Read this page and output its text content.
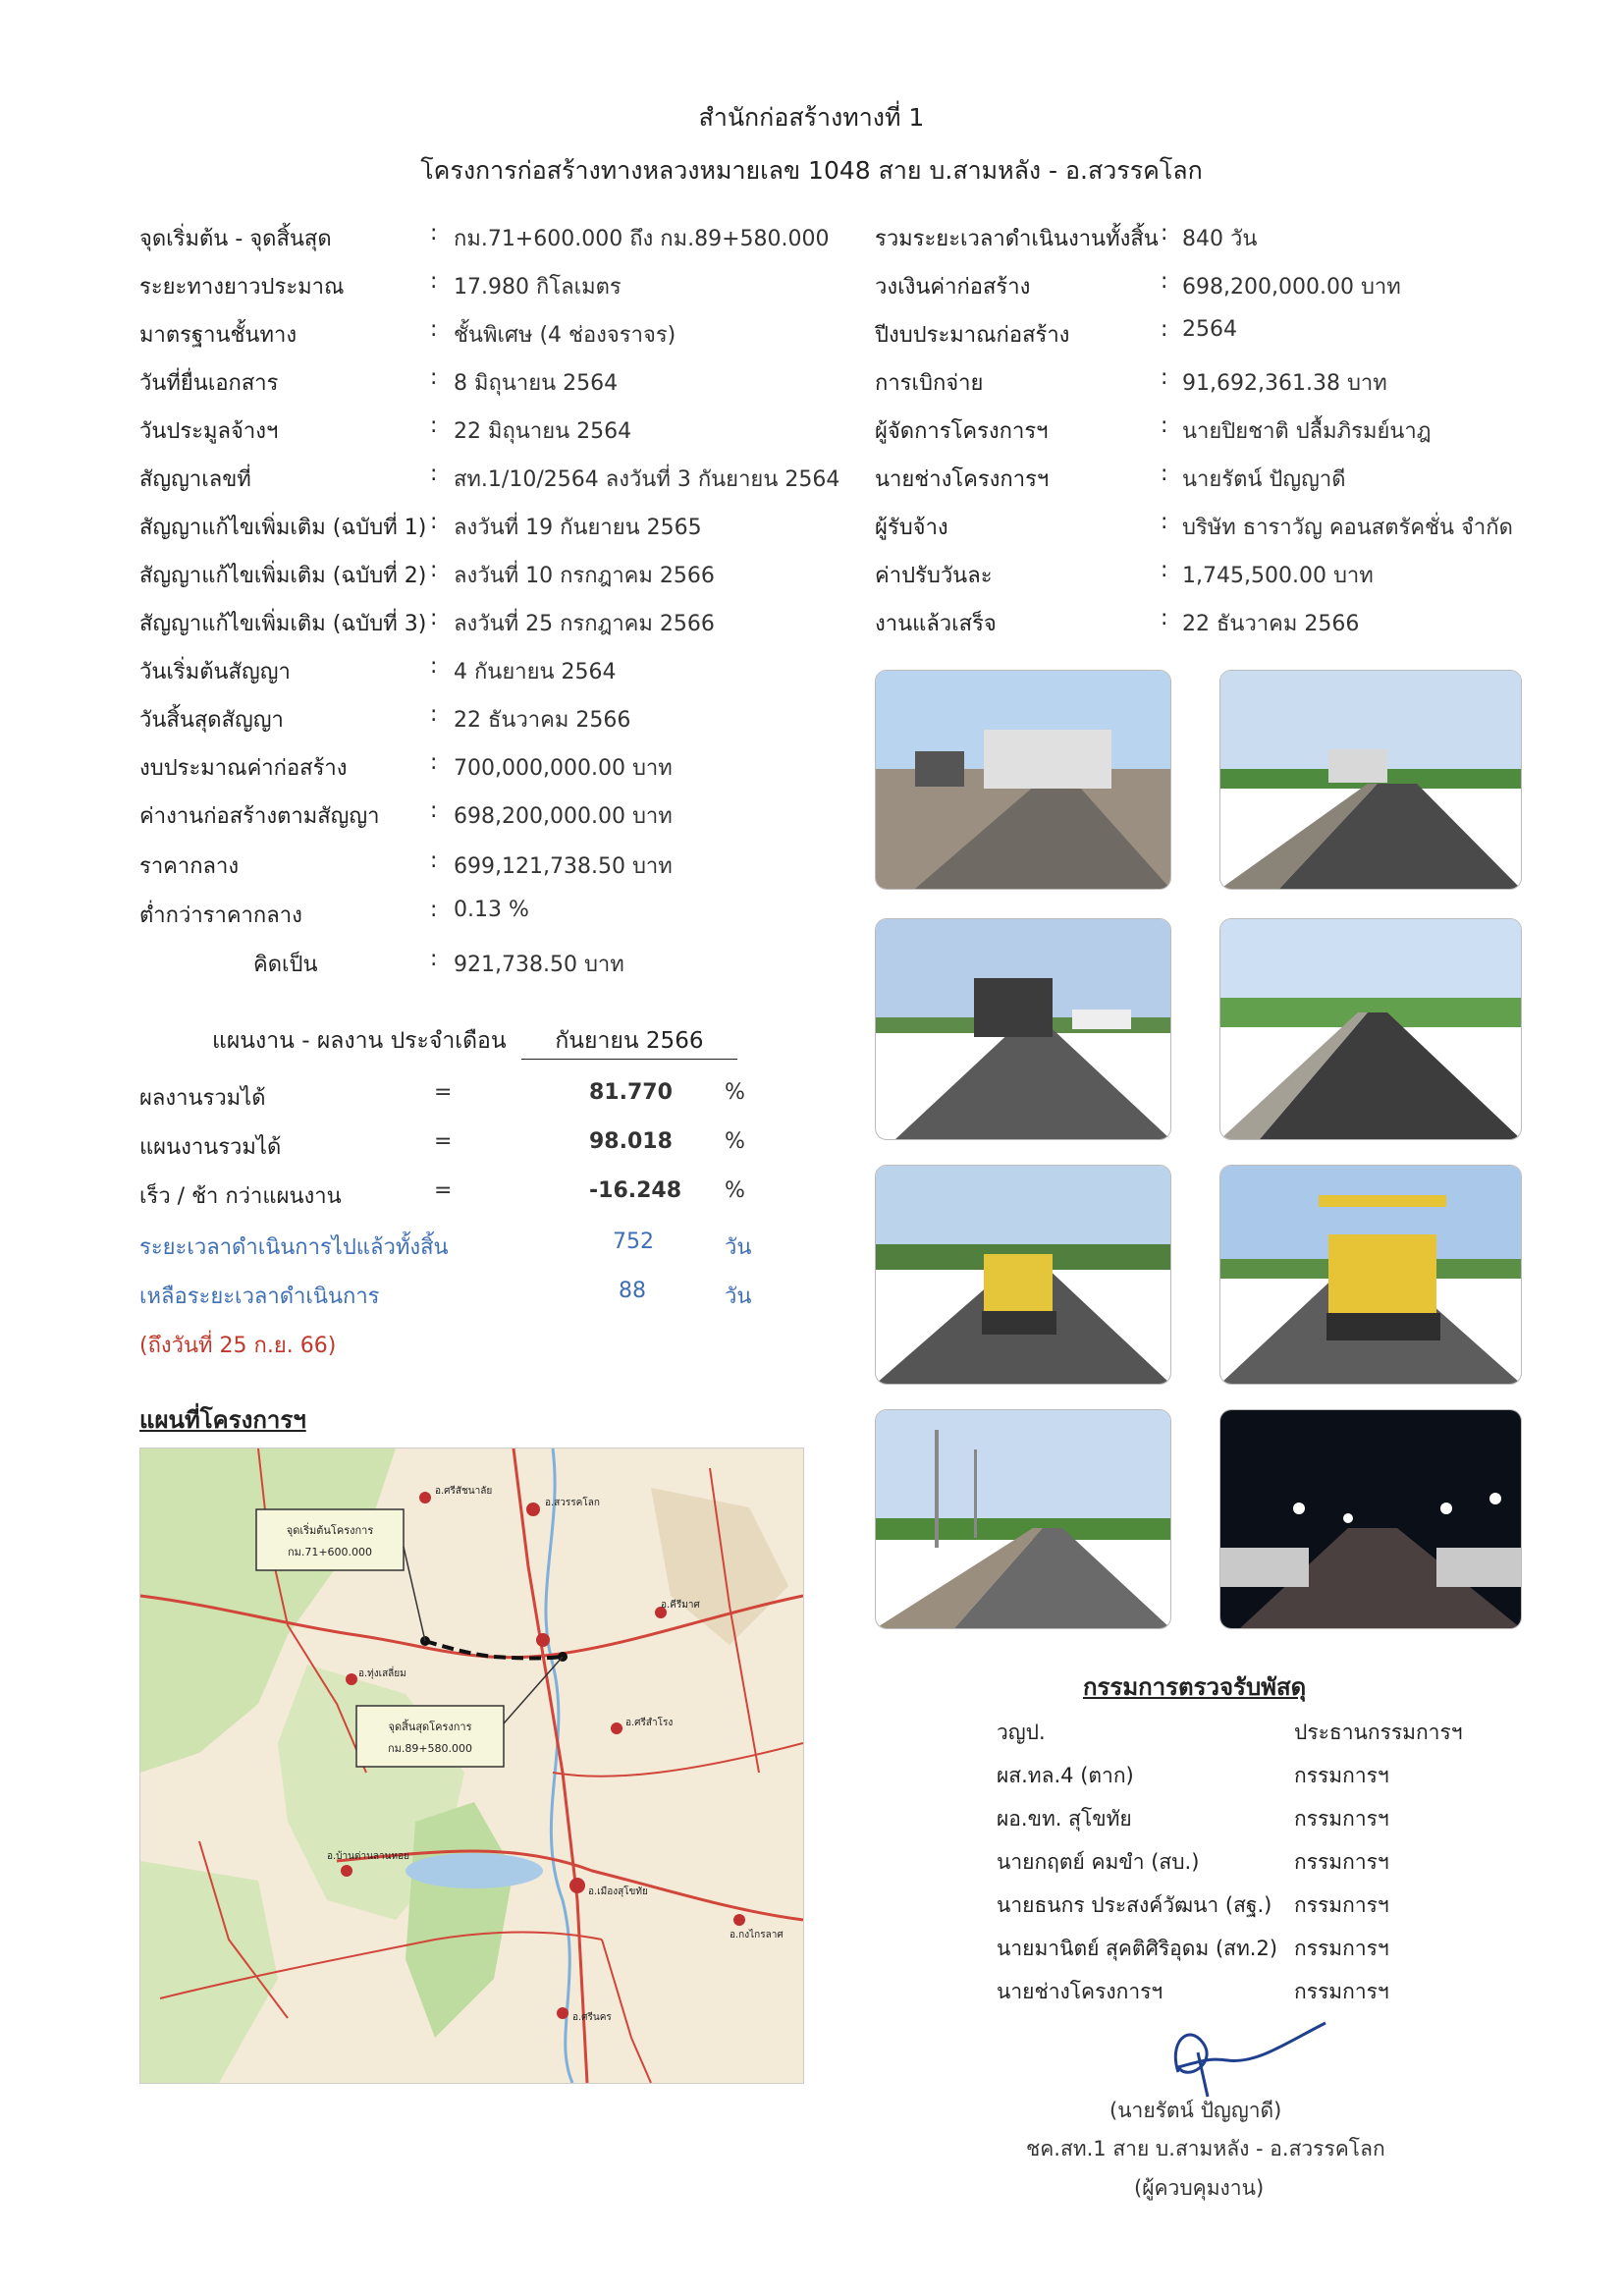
สำนักก่อสร้างทางที่ 1
โครงการก่อสร้างทางหลวงหมายเลข 1048 สาย บ.สามหลัง - อ.สวรรคโลก
จุดเริ่มต้น - จุดสิ้นสุด	: กม.71+600.000 ถึง กม.89+580.000
ระยะทางยาวประมาณ	: 17.980 กิโลเมตร
มาตรฐานชั้นทาง	: ชั้นพิเศษ (4 ช่องจราจร)
วันที่ยื่นเอกสาร	: 8 มิถุนายน 2564
วันประมูลจ้างฯ	: 22 มิถุนายน 2564
สัญญาเลขที่	: สท.1/10/2564 ลงวันที่ 3 กันยายน 2564
สัญญาแก้ไขเพิ่มเติม (ฉบับที่ 1) : ลงวันที่ 19 กันยายน 2565
สัญญาแก้ไขเพิ่มเติม (ฉบับที่ 2) : ลงวันที่ 10 กรกฎาคม 2566
สัญญาแก้ไขเพิ่มเติม (ฉบับที่ 3) : ลงวันที่ 25 กรกฎาคม 2566
วันเริ่มต้นสัญญา	: 4 กันยายน 2564
วันสิ้นสุดสัญญา	: 22 ธันวาคม 2566
งบประมาณค่าก่อสร้าง	: 700,000,000.00 บาท
ค่างานก่อสร้างตามสัญญา : 698,200,000.00 บาท
ราคากลาง	: 699,121,738.50 บาท
ต่ำกว่าราคากลาง	: 0.13 %
คิดเป็น	: 921,738.50 บาท
รวมระยะเวลาดำเนินงานทั้งสิ้น : 840 วัน
วงเงินค่าก่อสร้าง	: 698,200,000.00 บาท
ปีงบประมาณก่อสร้าง	: 2564
การเบิกจ่าย	: 91,692,361.38 บาท
ผู้จัดการโครงการฯ	: นายปิยชาติ ปลื้มภิรมย์นาฎ
นายช่างโครงการฯ	: นายรัตน์ ปัญญาดี
ผู้รับจ้าง	: บริษัท ธาราวัญ คอนสตรัคชั่น จำกัด
ค่าปรับวันละ	: 1,745,500.00 บาท
งานแล้วเสร็จ	: 22 ธันวาคม 2566
แผนงาน - ผลงาน ประจำเดือน กันยายน 2566
ผลงานรวมได้	=	81.770 %
แผนงานรวมได้	=	98.018 %
เร็ว / ช้า กว่าแผนงาน	=	-16.248 %
ระยะเวลาดำเนินการไปแล้วทั้งสิ้น	752	วัน
เหลือระยะเวลาดำเนินการ	88	วัน
(ถึงวันที่ 25 ก.ย. 66)
แผนที่โครงการฯ
จุดเริ่มต้นโครงการ
กม.71+600.000
จุดสิ้นสุดโครงการ
กม.89+580.000
อ.ศรีสัชนาลัย
อ.สวรรคโลก
อ.ทุ่งเสลี่ยม
อ.ศรีสำโรง
อ.บ้านด่านลานหอย
อ.เมืองสุโขทัย
อ.ศรีนคร
อ.กงไกรลาศ
อ.คีรีมาศ
กรรมการตรวจรับพัสดุ
วญป.	ประธานกรรมการฯ
ผส.ทล.4 (ตาก)	กรรมการฯ
ผอ.ขท. สุโขทัย	กรรมการฯ
นายกฤตย์ คมขำ (สบ.)	กรรมการฯ
นายธนกร ประสงค์วัฒนา (สฐ.) กรรมการฯ
นายมานิตย์ สุคติศิริอุดม (สท.2) กรรมการฯ
นายช่างโครงการฯ	กรรมการฯ
(นายรัตน์ ปัญญาดี)
ชค.สท.1 สาย บ.สามหลัง - อ.สวรรคโลก
(ผู้ควบคุมงาน)
